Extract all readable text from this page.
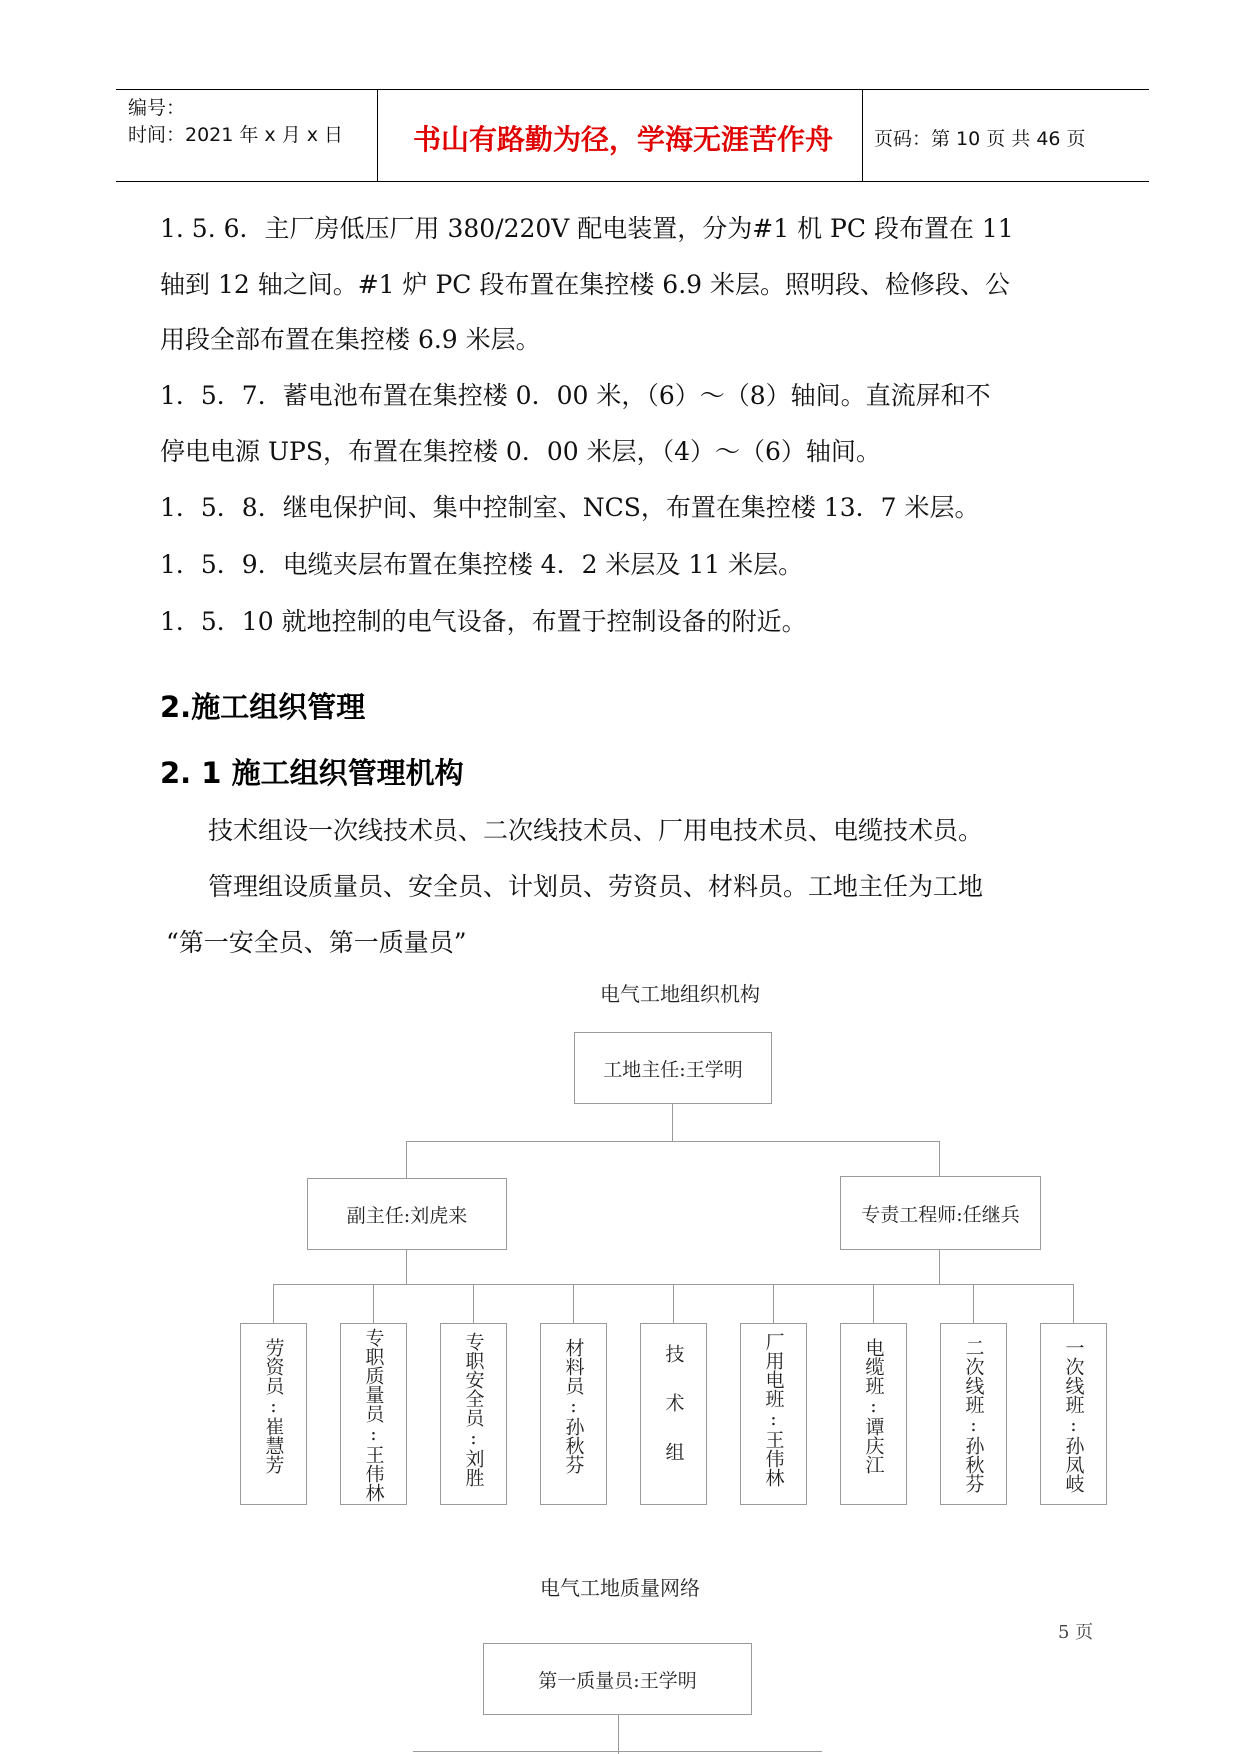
编号：
时间：2021 年 x 月 x 日	书山有路勤为径，学海无涯苦作舟	页码：第 10 页 共 46 页
1. 5. 6．主厂房低压厂用 380/220V 配电装置，分为#1 机 PC 段布置在 11
轴到 12 轴之间。#1 炉 PC 段布置在集控楼 6.9 米层。照明段、检修段、公
用段全部布置在集控楼 6.9 米层。
1．5．7．蓄电池布置在集控楼 0．00 米，（6）～（8）轴间。直流屏和不
停电电源 UPS，布置在集控楼 0．00 米层，（4）～（6）轴间。
1．5．8．继电保护间、集中控制室、NCS，布置在集控楼 13．7 米层。
1．5．9．电缆夹层布置在集控楼 4．2 米层及 11 米层。
1．5．10 就地控制的电气设备，布置于控制设备的附近。
2.施工组织管理
2. 1 施工组织管理机构
技术组设一次线技术员、二次线技术员、厂用电技术员、电缆技术员。
管理组设质量员、安全员、计划员、劳资员、材料员。工地主任为工地
“第一安全员、第一质量员”
电气工地组织机构
工地主任:王学明
副主任:刘虎来	专责工程师:任继兵
劳资员:崔慧芳	专职质量员:王伟林	专职安全员:刘胜	材料员:孙秋芬	技术组	厂用电班:王伟林	电缆班:谭庆江	二次线班:孙秋芬	一次线班:孙凤岐
电气工地质量网络
5 页
第一质量员:王学明
